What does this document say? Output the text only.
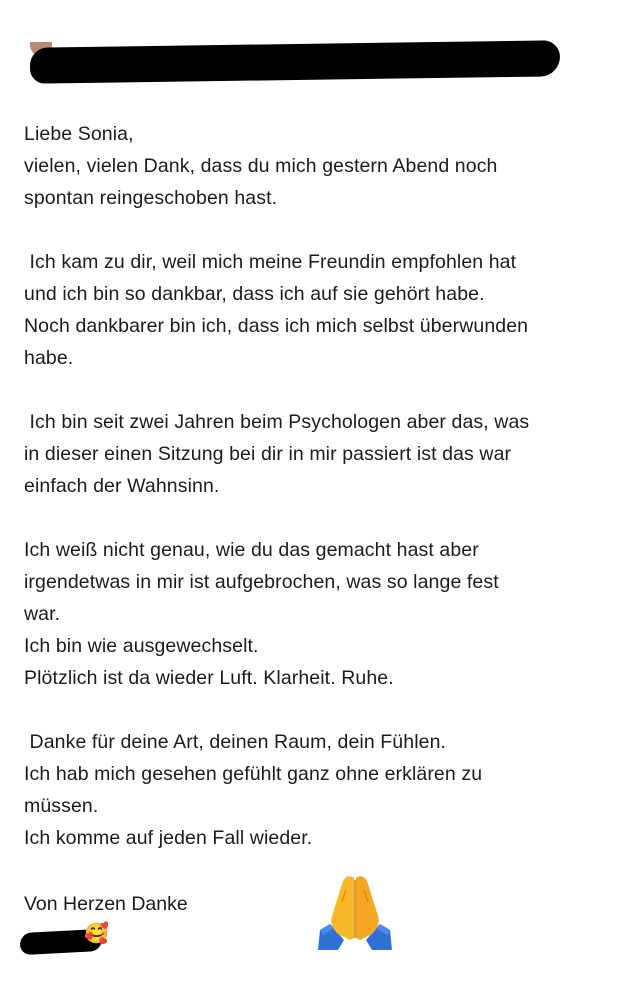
Liebe Sonia,
vielen, vielen Dank, dass du mich gestern Abend noch
spontan reingeschoben hast.
Ich kam zu dir, weil mich meine Freundin empfohlen hat
und ich bin so dankbar, dass ich auf sie gehört habe.
Noch dankbarer bin ich, dass ich mich selbst überwunden
habe.
Ich bin seit zwei Jahren beim Psychologen aber das, was
in dieser einen Sitzung bei dir in mir passiert ist das war
einfach der Wahnsinn.
Ich weiß nicht genau, wie du das gemacht hast aber
irgendetwas in mir ist aufgebrochen, was so lange fest
war.
Ich bin wie ausgewechselt.
Plötzlich ist da wieder Luft. Klarheit. Ruhe.
Danke für deine Art, deinen Raum, dein Fühlen.
Ich hab mich gesehen gefühlt ganz ohne erklären zu
müssen.
Ich komme auf jeden Fall wieder.
Von Herzen Danke
🥰
